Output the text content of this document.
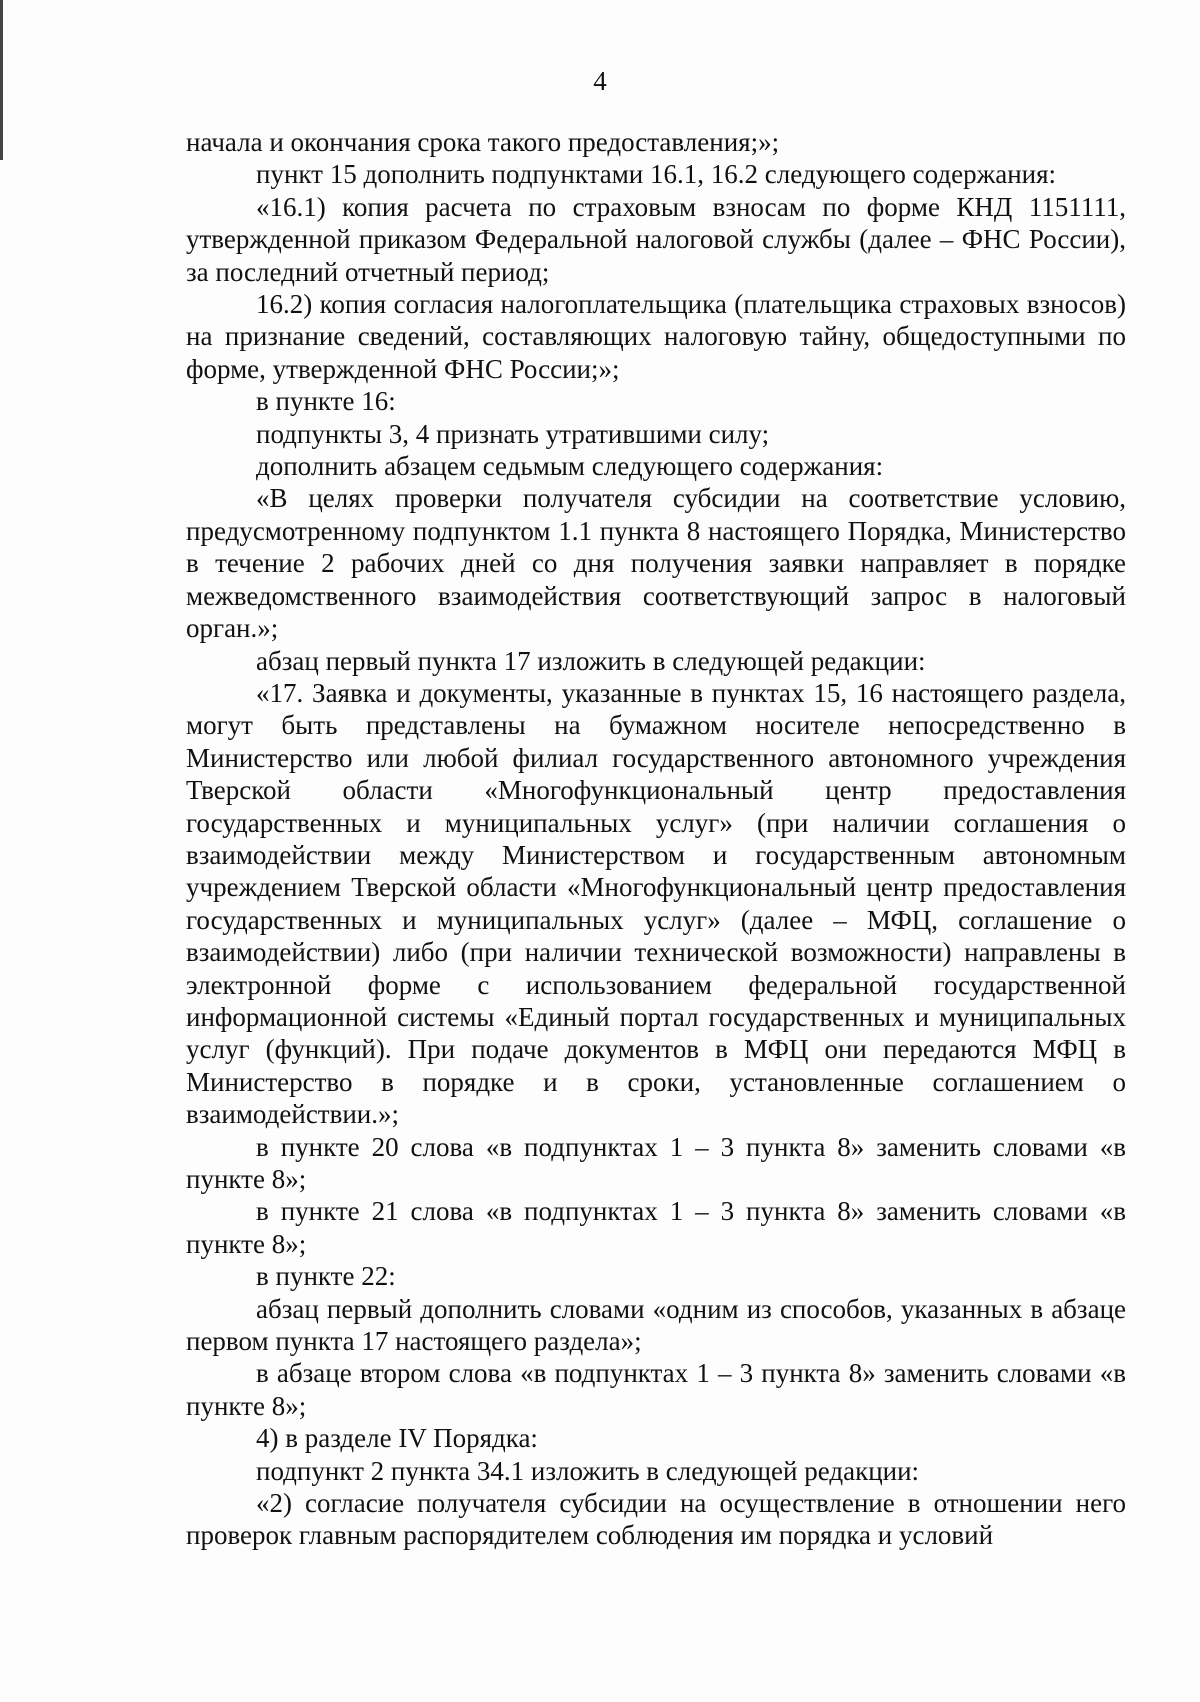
4

начала и окончания срока такого предоставления;»;

пункт 15 дополнить подпунктами 16.1, 16.2 следующего содержания:

«16.1) копия расчета по страховым взносам по форме КНД 1151111, утвержденной приказом Федеральной налоговой службы (далее – ФНС России), за последний отчетный период;

16.2) копия согласия налогоплательщика (плательщика страховых взносов) на признание сведений, составляющих налоговую тайну, общедоступными по форме, утвержденной ФНС России;»;

в пункте 16:

подпункты 3, 4 признать утратившими силу;

дополнить абзацем седьмым следующего содержания:

«В целях проверки получателя субсидии на соответствие условию, предусмотренному подпунктом 1.1 пункта 8 настоящего Порядка, Министерство в течение 2 рабочих дней со дня получения заявки направляет в порядке межведомственного взаимодействия соответствующий запрос в налоговый орган.»;

абзац первый пункта 17 изложить в следующей редакции:

«17. Заявка и документы, указанные в пунктах 15, 16 настоящего раздела, могут быть представлены на бумажном носителе непосредственно в Министерство или любой филиал государственного автономного учреждения Тверской области «Многофункциональный центр предоставления государственных и муниципальных услуг» (при наличии соглашения о взаимодействии между Министерством и государственным автономным учреждением Тверской области «Многофункциональный центр предоставления государственных и муниципальных услуг» (далее – МФЦ, соглашение о взаимодействии) либо (при наличии технической возможности) направлены в электронной форме с использованием федеральной государственной информационной системы «Единый портал государственных и муниципальных услуг (функций). При подаче документов в МФЦ они передаются МФЦ в Министерство в порядке и в сроки, установленные соглашением о взаимодействии.»;

в пункте 20 слова «в подпунктах 1 – 3 пункта 8» заменить словами «в пункте 8»;

в пункте 21 слова «в подпунктах 1 – 3 пункта 8» заменить словами «в пункте 8»;

в пункте 22:

абзац первый дополнить словами «одним из способов, указанных в абзаце первом пункта 17 настоящего раздела»;

в абзаце втором слова «в подпунктах 1 – 3 пункта 8» заменить словами «в пункте 8»;

4) в разделе IV Порядка:

подпункт 2 пункта 34.1 изложить в следующей редакции:

«2) согласие получателя субсидии на осуществление в отношении него проверок главным распорядителем соблюдения им порядка и условий
